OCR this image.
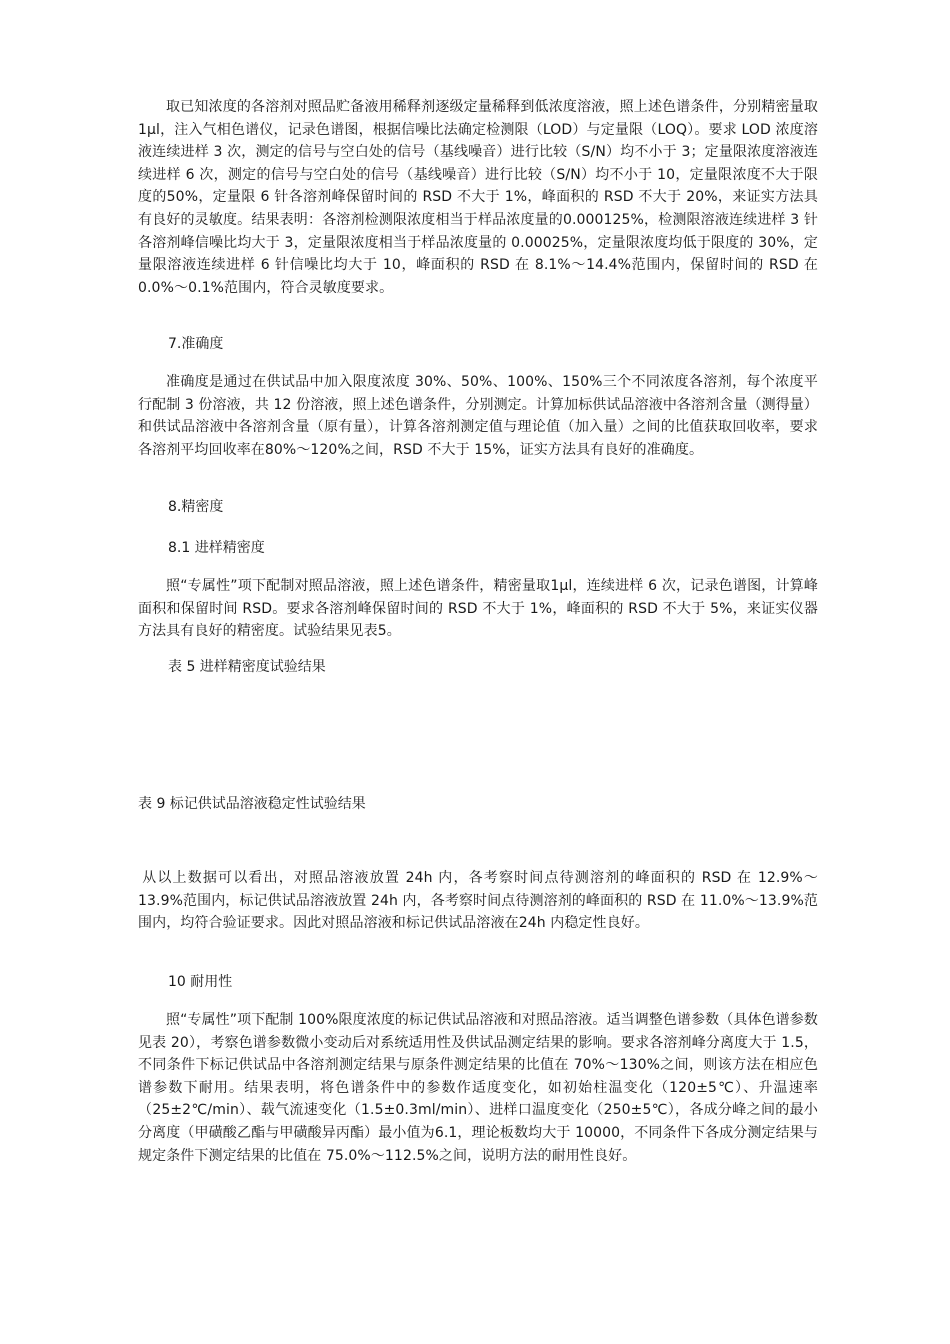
取已知浓度的各溶剂对照品贮备液用稀释剂逐级定量稀释到低浓度溶液，照上述色谱条件，分别精密量取1μl，注入气相色谱仪，记录色谱图，根据信噪比法确定检测限（LOD）与定量限（LOQ）。要求 LOD 浓度溶液连续进样 3 次，测定的信号与空白处的信号（基线噪音）进行比较（S/N）均不小于 3；定量限浓度溶液连续进样 6 次，测定的信号与空白处的信号（基线噪音）进行比较（S/N）均不小于 10，定量限浓度不大于限度的50%，定量限 6 针各溶剂峰保留时间的 RSD 不大于 1%，峰面积的 RSD 不大于 20%，来证实方法具有良好的灵敏度。结果表明：各溶剂检测限浓度相当于样品浓度量的0.000125%，检测限溶液连续进样 3 针各溶剂峰信噪比均大于 3，定量限浓度相当于样品浓度量的 0.00025%，定量限浓度均低于限度的 30%，定量限溶液连续进样 6 针信噪比均大于 10，峰面积的 RSD 在 8.1%～14.4%范围内，保留时间的 RSD 在 0.0%～0.1%范围内，符合灵敏度要求。

7.准确度

准确度是通过在供试品中加入限度浓度 30%、50%、100%、150%三个不同浓度各溶剂，每个浓度平行配制 3 份溶液，共 12 份溶液，照上述色谱条件，分别测定。计算加标供试品溶液中各溶剂含量（测得量）和供试品溶液中各溶剂含量（原有量），计算各溶剂测定值与理论值（加入量）之间的比值获取回收率，要求各溶剂平均回收率在80%～120%之间，RSD 不大于 15%，证实方法具有良好的准确度。

8.精密度

8.1 进样精密度

照“专属性”项下配制对照品溶液，照上述色谱条件，精密量取1μl，连续进样 6 次，记录色谱图，计算峰面积和保留时间 RSD。要求各溶剂峰保留时间的 RSD 不大于 1%，峰面积的 RSD 不大于 5%，来证实仪器方法具有良好的精密度。试验结果见表5。

表 5 进样精密度试验结果

表 9 标记供试品溶液稳定性试验结果

从以上数据可以看出，对照品溶液放置 24h 内，各考察时间点待测溶剂的峰面积的 RSD 在 12.9%～13.9%范围内，标记供试品溶液放置 24h 内，各考察时间点待测溶剂的峰面积的 RSD 在 11.0%～13.9%范围内，均符合验证要求。因此对照品溶液和标记供试品溶液在24h 内稳定性良好。

10 耐用性

照“专属性”项下配制 100%限度浓度的标记供试品溶液和对照品溶液。适当调整色谱参数（具体色谱参数见表 20），考察色谱参数微小变动后对系统适用性及供试品测定结果的影响。要求各溶剂峰分离度大于 1.5，不同条件下标记供试品中各溶剂测定结果与原条件测定结果的比值在 70%～130%之间，则该方法在相应色谱参数下耐用。结果表明，将色谱条件中的参数作适度变化，如初始柱温变化（120±5℃）、升温速率（25±2℃/min）、载气流速变化（1.5±0.3ml/min）、进样口温度变化（250±5℃），各成分峰之间的最小分离度（甲磺酸乙酯与甲磺酸异丙酯）最小值为6.1，理论板数均大于 10000，不同条件下各成分测定结果与规定条件下测定结果的比值在 75.0%～112.5%之间，说明方法的耐用性良好。
